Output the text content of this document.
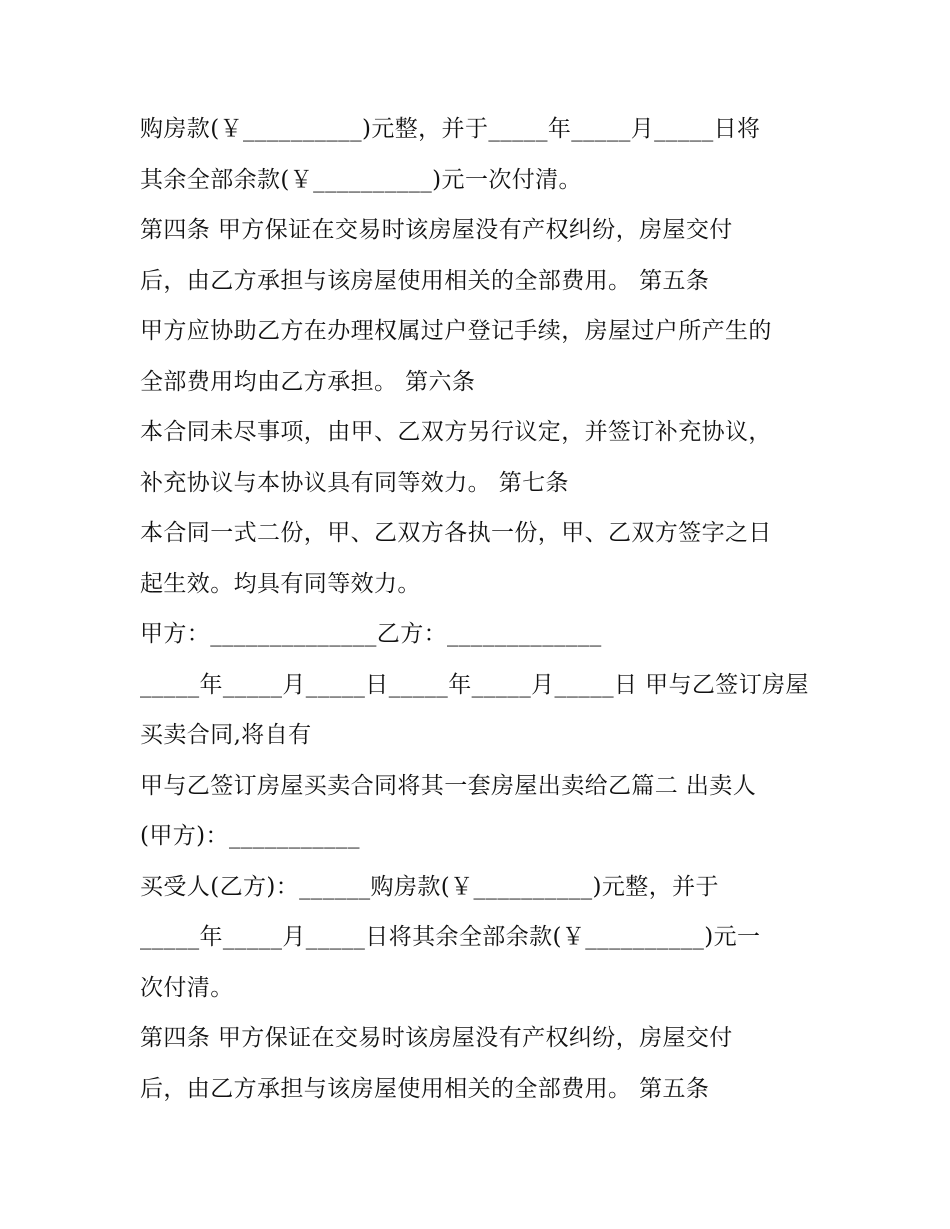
购房款(￥__________)元整，并于_____年_____月_____日将
其余全部余款(￥__________)元一次付清。
第四条 甲方保证在交易时该房屋没有产权纠纷，房屋交付
后，由乙方承担与该房屋使用相关的全部费用。 第五条
甲方应协助乙方在办理权属过户登记手续，房屋过户所产生的
全部费用均由乙方承担。 第六条
本合同未尽事项，由甲、乙双方另行议定，并签订补充协议，
补充协议与本协议具有同等效力。 第七条
本合同一式二份，甲、乙双方各执一份，甲、乙双方签字之日
起生效。均具有同等效力。
甲方：______________乙方：_____________
_____年_____月_____日_____年_____月_____日 甲与乙签订房屋
买卖合同,将自有
甲与乙签订房屋买卖合同将其一套房屋出卖给乙篇二 出卖人
(甲方)：___________
买受人(乙方)：______购房款(￥__________)元整，并于
_____年_____月_____日将其余全部余款(￥__________)元一
次付清。
第四条 甲方保证在交易时该房屋没有产权纠纷，房屋交付
后，由乙方承担与该房屋使用相关的全部费用。 第五条
